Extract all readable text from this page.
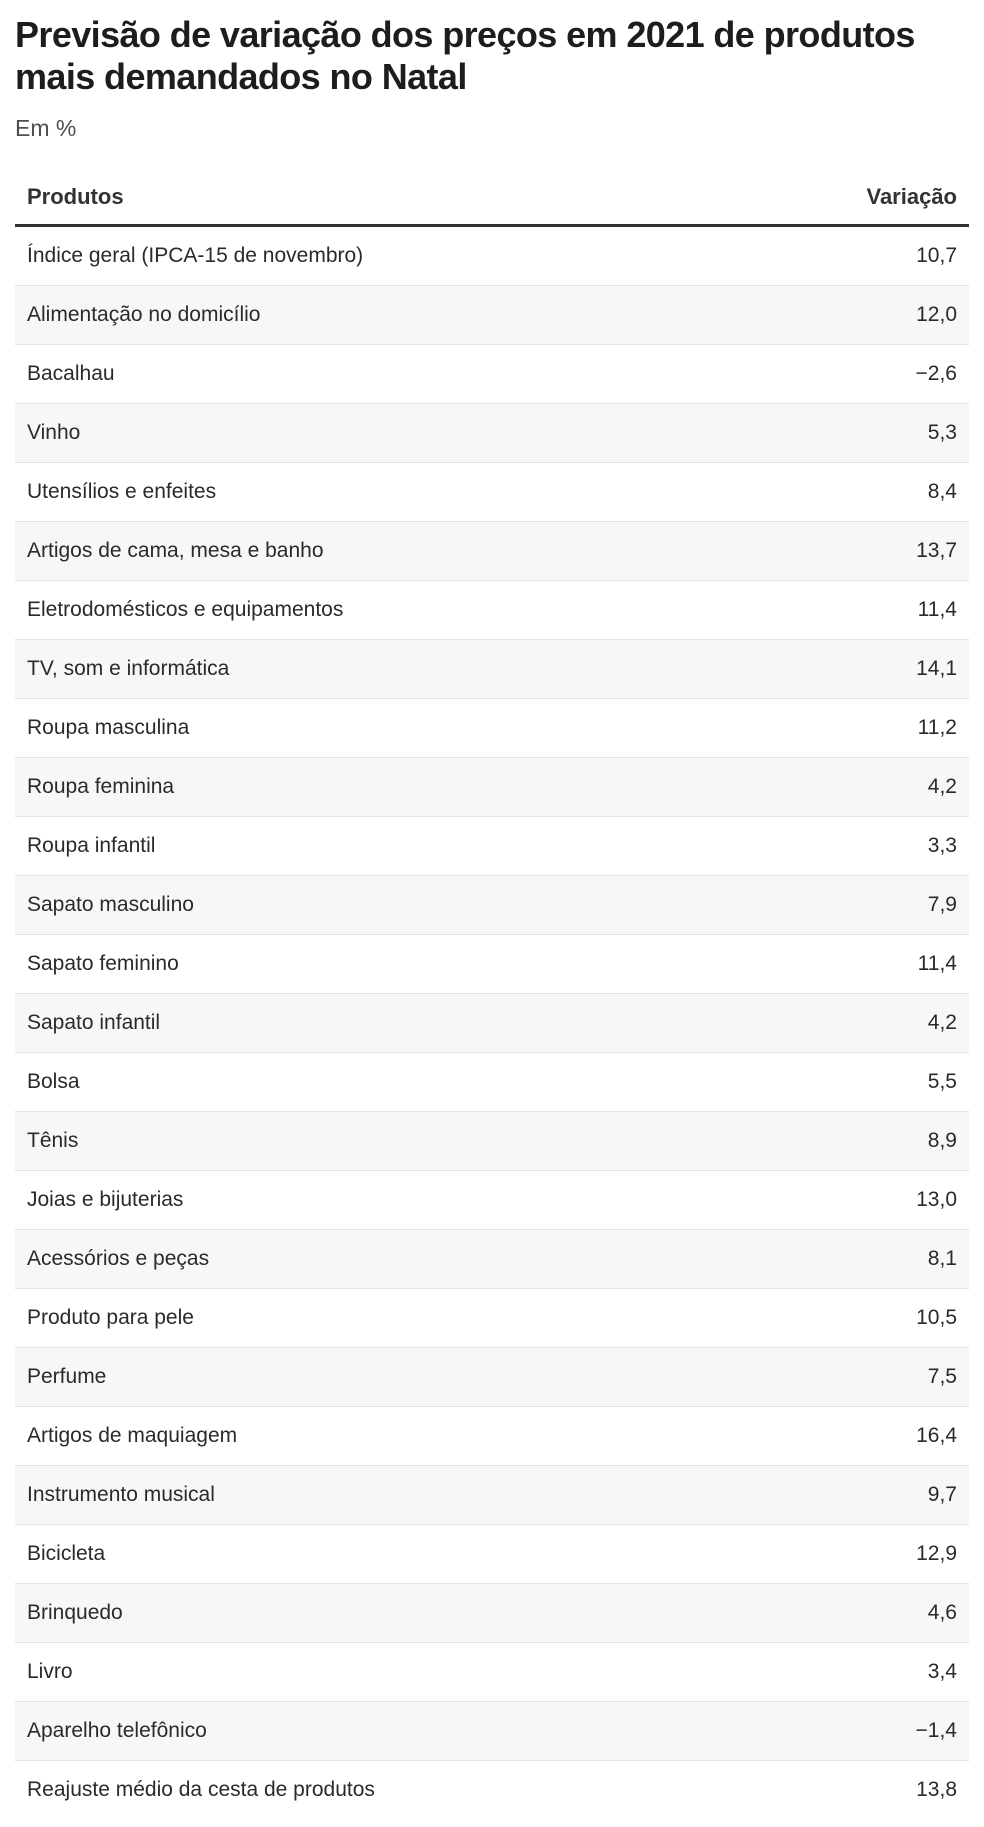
Previsão de variação dos preços em 2021 de produtos mais demandados no Natal
Em %
Produtos	Variação
Índice geral (IPCA-15 de novembro)	10,7
Alimentação no domicílio	12,0
Bacalhau	−2,6
Vinho	5,3
Utensílios e enfeites	8,4
Artigos de cama, mesa e banho	13,7
Eletrodomésticos e equipamentos	11,4
TV, som e informática	14,1
Roupa masculina	11,2
Roupa feminina	4,2
Roupa infantil	3,3
Sapato masculino	7,9
Sapato feminino	11,4
Sapato infantil	4,2
Bolsa	5,5
Tênis	8,9
Joias e bijuterias	13,0
Acessórios e peças	8,1
Produto para pele	10,5
Perfume	7,5
Artigos de maquiagem	16,4
Instrumento musical	9,7
Bicicleta	12,9
Brinquedo	4,6
Livro	3,4
Aparelho telefônico	−1,4
Reajuste médio da cesta de produtos	13,8
